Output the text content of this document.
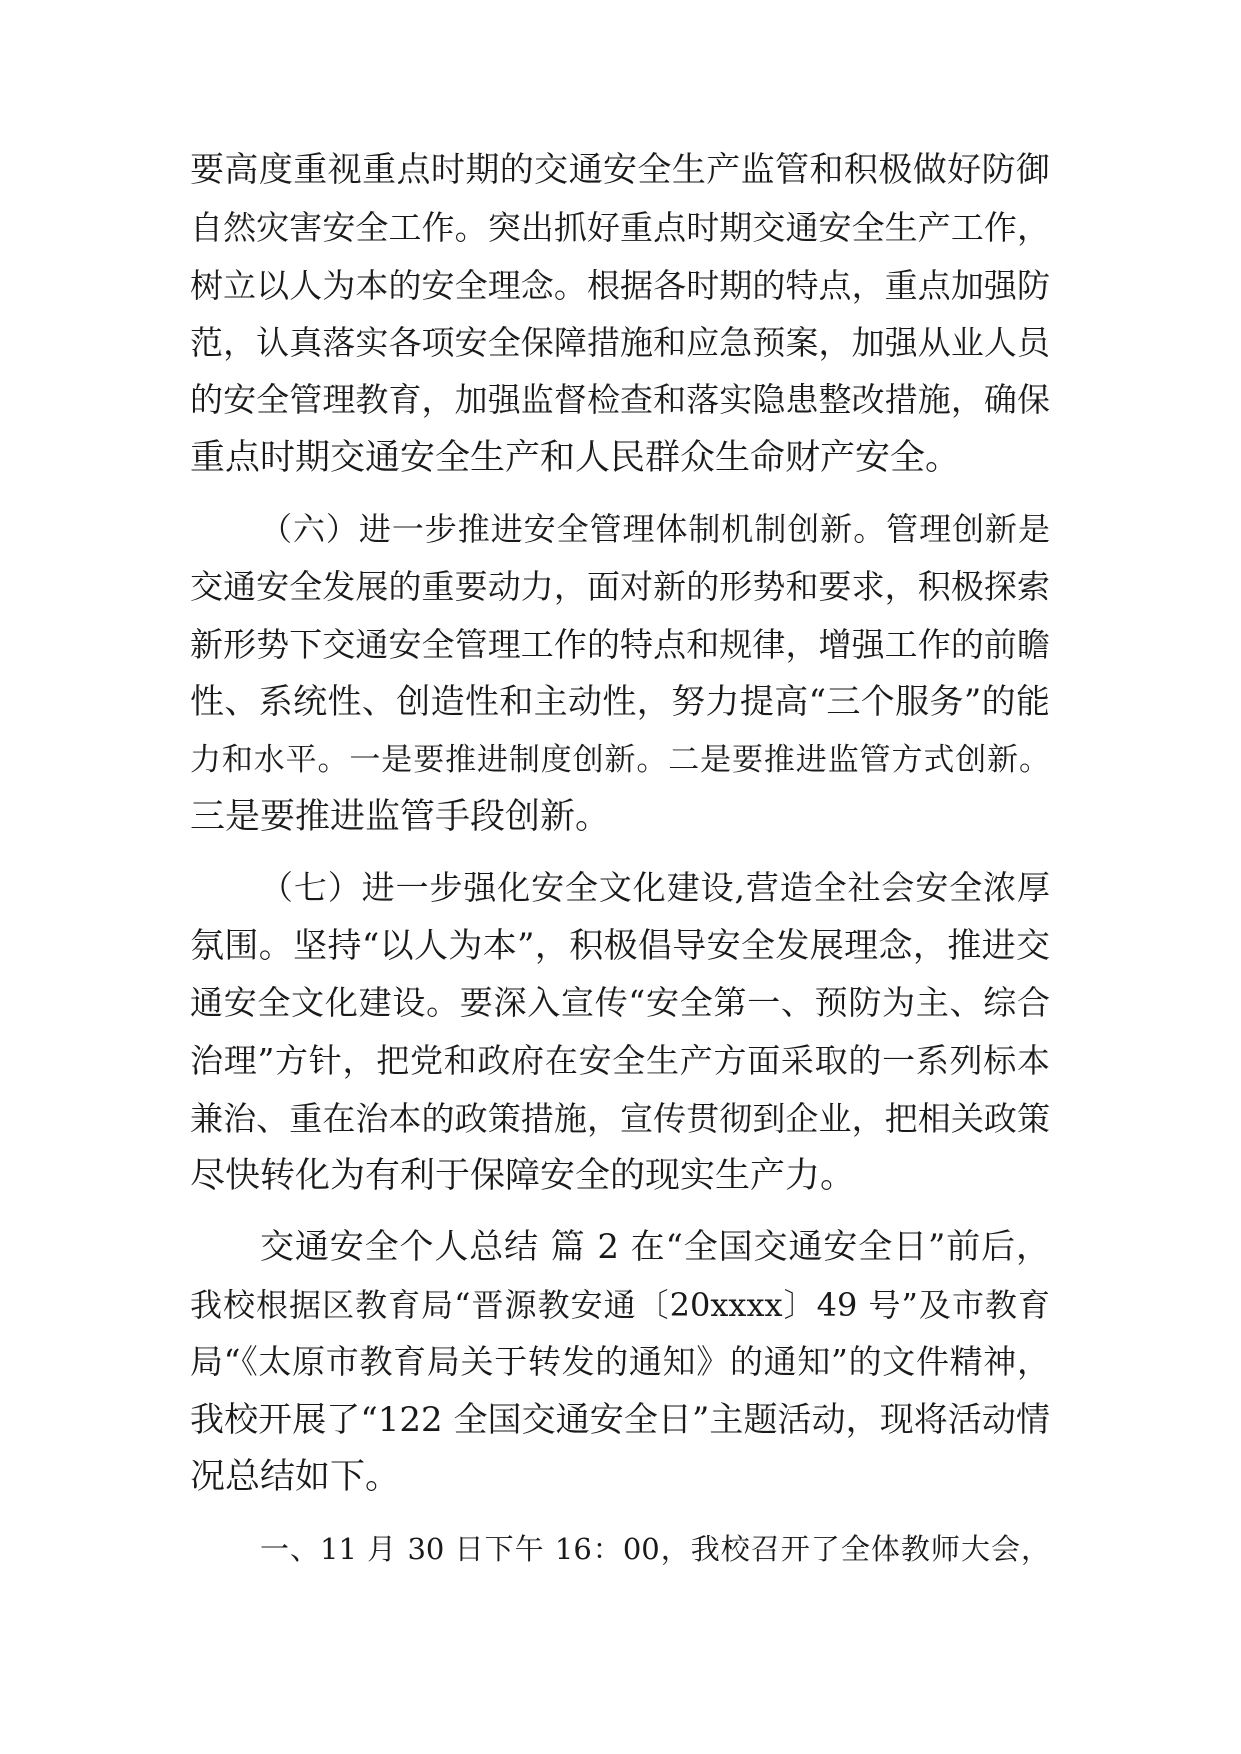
要高度重视重点时期的交通安全生产监管和积极做好防御
自然灾害安全工作。突出抓好重点时期交通安全生产工作，
树立以人为本的安全理念。根据各时期的特点，重点加强防
范，认真落实各项安全保障措施和应急预案，加强从业人员
的安全管理教育，加强监督检查和落实隐患整改措施，确保
重点时期交通安全生产和人民群众生命财产安全。
（六）进一步推进安全管理体制机制创新。管理创新是
交通安全发展的重要动力，面对新的形势和要求，积极探索
新形势下交通安全管理工作的特点和规律，增强工作的前瞻
性、系统性、创造性和主动性，努力提高“三个服务”的能
力和水平。一是要推进制度创新。二是要推进监管方式创新。
三是要推进监管手段创新。
（七）进一步强化安全文化建设,营造全社会安全浓厚
氛围。坚持“以人为本”，积极倡导安全发展理念，推进交
通安全文化建设。要深入宣传“安全第一、预防为主、综合
治理”方针，把党和政府在安全生产方面采取的一系列标本
兼治、重在治本的政策措施，宣传贯彻到企业，把相关政策
尽快转化为有利于保障安全的现实生产力。
交通安全个人总结 篇 2 在“全国交通安全日”前后，
我校根据区教育局“晋源教安通〔20xxxx〕49 号”及市教育
局“《太原市教育局关于转发的通知》的通知”的文件精神，
我校开展了“122 全国交通安全日”主题活动，现将活动情
况总结如下。
一、11 月 30 日下午 16：00，我校召开了全体教师大会，
